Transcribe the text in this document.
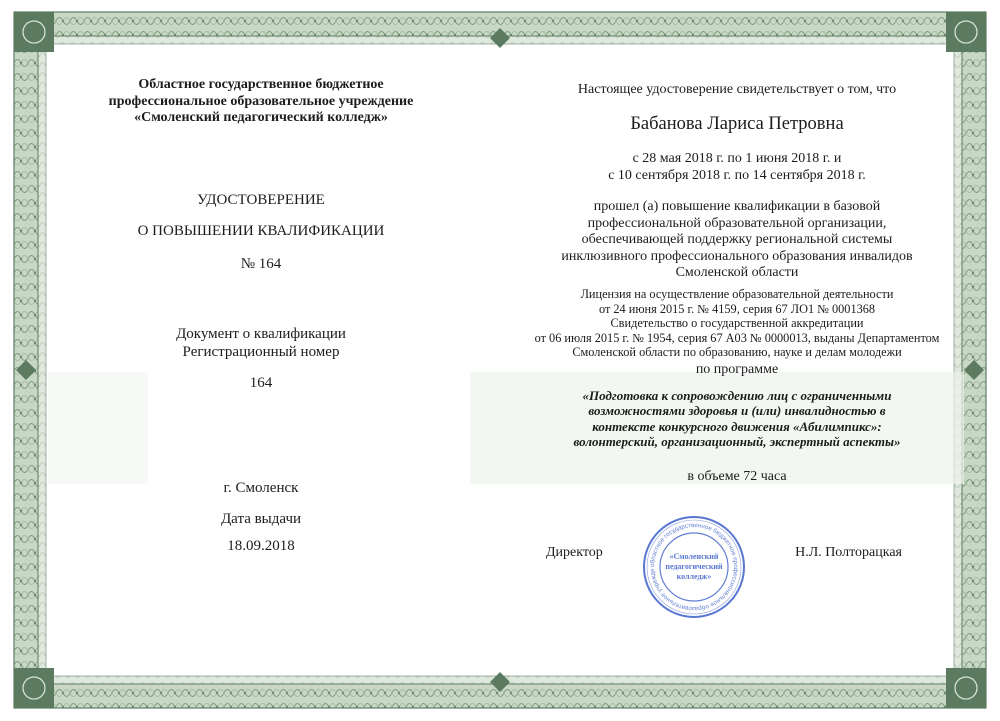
Областное государственное бюджетное
профессиональное образовательное учреждение
«Смоленский педагогический колледж»
УДОСТОВЕРЕНИЕ
О ПОВЫШЕНИИ КВАЛИФИКАЦИИ
№ 164
Документ о квалификации
Регистрационный номер
164
г. Смоленск
Дата выдачи
18.09.2018
Настоящее удостоверение свидетельствует о том, что
Бабанова Лариса Петровна
с 28 мая 2018 г. по 1 июня 2018 г. и
с 10 сентября 2018 г. по 14 сентября 2018 г.
прошел (а) повышение квалификации в базовой
профессиональной образовательной организации,
обеспечивающей поддержку региональной системы
инклюзивного профессионального образования инвалидов
Смоленской области
Лицензия на осуществление образовательной деятельности
от 24 июня 2015 г. № 4159, серия 67 ЛО1 № 0001368
Свидетельство о государственной аккредитации
от 06 июля 2015 г. № 1954, серия 67 А03 № 0000013, выданы Департаментом
Смоленской области по образованию, науке и делам молодежи
по программе
«Подготовка к сопровождению лиц с ограниченными
возможностями здоровья и (или) инвалидностью в
контексте конкурсного движения «Абилимпикс»:
волонтерский, организационный, экспертный аспекты»
в объеме 72 часа
Директор	Н.Л. Полторацкая
областное государственное бюджетное профессиональное образовательное учрежде
«Смоленский
педагогический
колледж»
